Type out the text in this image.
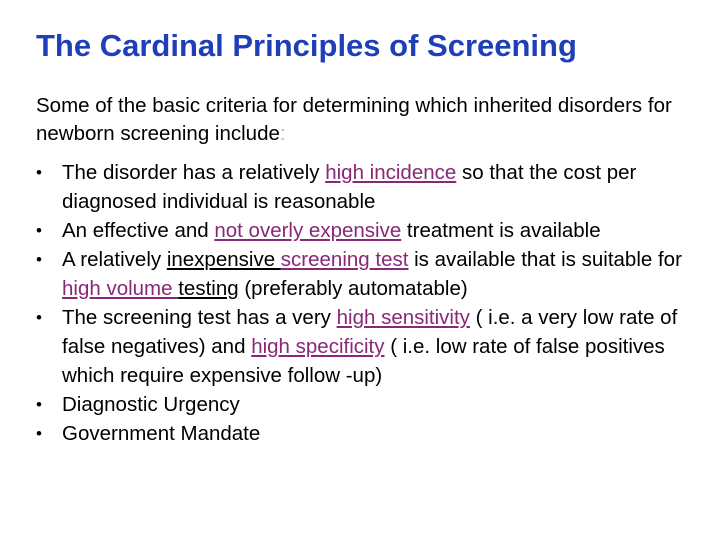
The Cardinal Principles of Screening

Some of the basic criteria for determining which inherited disorders for newborn screening include:

• The disorder has a relatively high incidence so that the cost per diagnosed individual is reasonable
• An effective and not overly expensive treatment is available
• A relatively inexpensive screening test is available that is suitable for high volume testing (preferably automatable)
• The screening test has a very high sensitivity ( i.e. a very low rate of false negatives) and high specificity ( i.e. low rate of false positives which require expensive follow -up)
• Diagnostic Urgency
• Government Mandate
